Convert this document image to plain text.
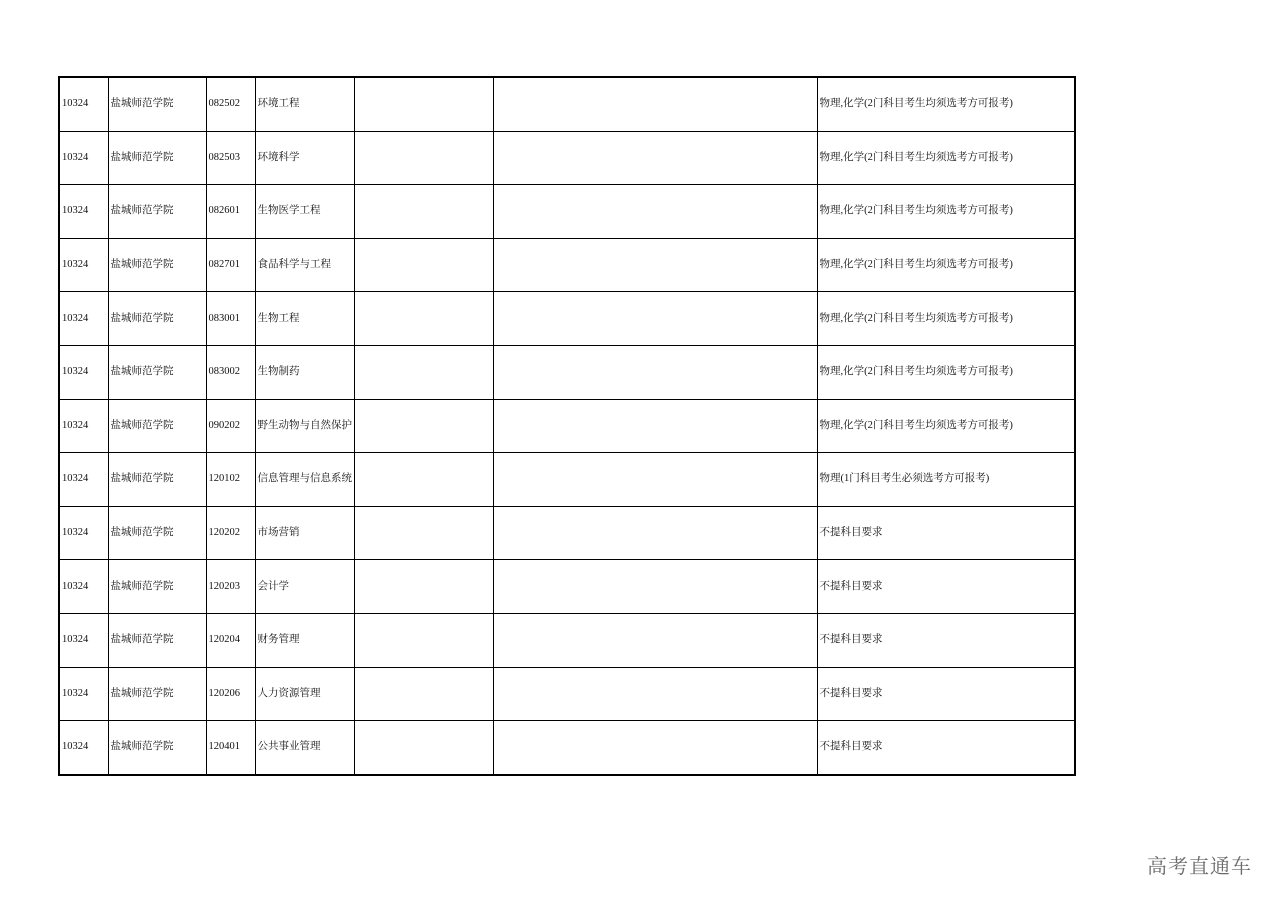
10324	盐城师范学院	082502	环境工程			物理,化学(2门科目考生均须选考方可报考)
10324	盐城师范学院	082503	环境科学			物理,化学(2门科目考生均须选考方可报考)
10324	盐城师范学院	082601	生物医学工程			物理,化学(2门科目考生均须选考方可报考)
10324	盐城师范学院	082701	食品科学与工程			物理,化学(2门科目考生均须选考方可报考)
10324	盐城师范学院	083001	生物工程			物理,化学(2门科目考生均须选考方可报考)
10324	盐城师范学院	083002	生物制药			物理,化学(2门科目考生均须选考方可报考)
10324	盐城师范学院	090202	野生动物与自然保护			物理,化学(2门科目考生均须选考方可报考)
10324	盐城师范学院	120102	信息管理与信息系统			物理(1门科目考生必须选考方可报考)
10324	盐城师范学院	120202	市场营销			不提科目要求
10324	盐城师范学院	120203	会计学			不提科目要求
10324	盐城师范学院	120204	财务管理			不提科目要求
10324	盐城师范学院	120206	人力资源管理			不提科目要求
10324	盐城师范学院	120401	公共事业管理			不提科目要求
高考直通车
